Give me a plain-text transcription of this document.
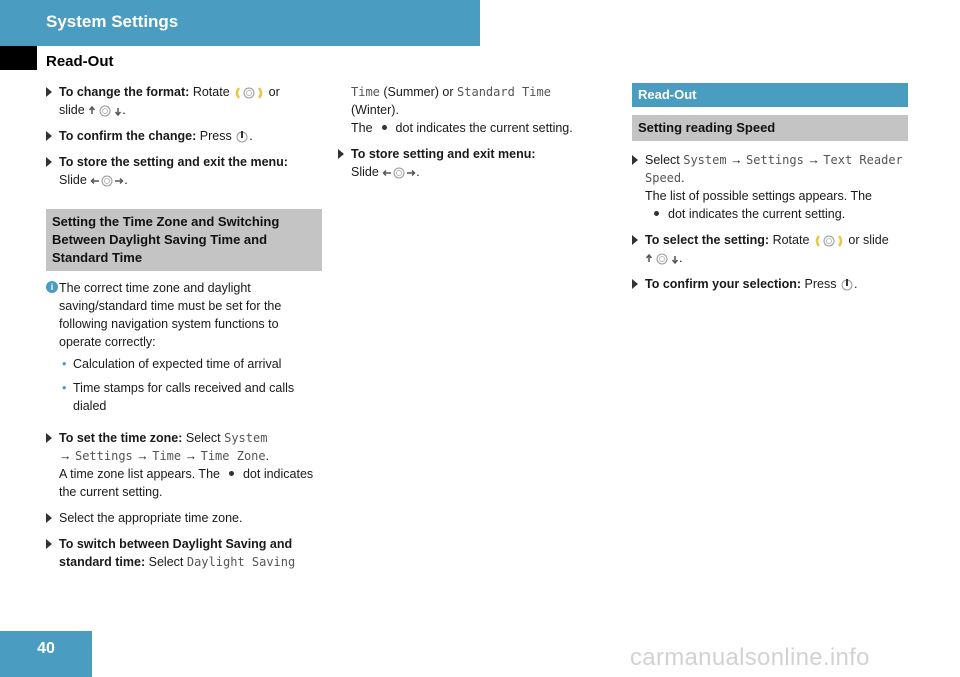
System Settings
Read-Out
To change the format: Rotate	or
slide	.
To confirm the change: Press .
To store the setting and exit the menu:
Slide	.
Setting the Time Zone and Switching Between Daylight Saving Time and Standard Time
i The correct time zone and daylight saving/standard time must be set for the following navigation system functions to operate correctly:
• Calculation of expected time of arrival
• Time stamps for calls received and calls dialed
To set the time zone: Select System
→ Settings → Time → Time Zone.
A time zone list appears. The dot indicates the current setting.
Select the appropriate time zone.
To switch between Daylight Saving and standard time: Select Daylight Saving
Time (Summer) or Standard Time
(Winter).
The dot indicates the current setting.
To store setting and exit menu:
Slide	.
Read-Out
Setting reading Speed
Select System → Settings → Text Reader Speed.
The list of possible settings appears. The
dot indicates the current setting.
To select the setting: Rotate	or slide

.
To confirm your selection: Press .
40	carmanualsonline.info
